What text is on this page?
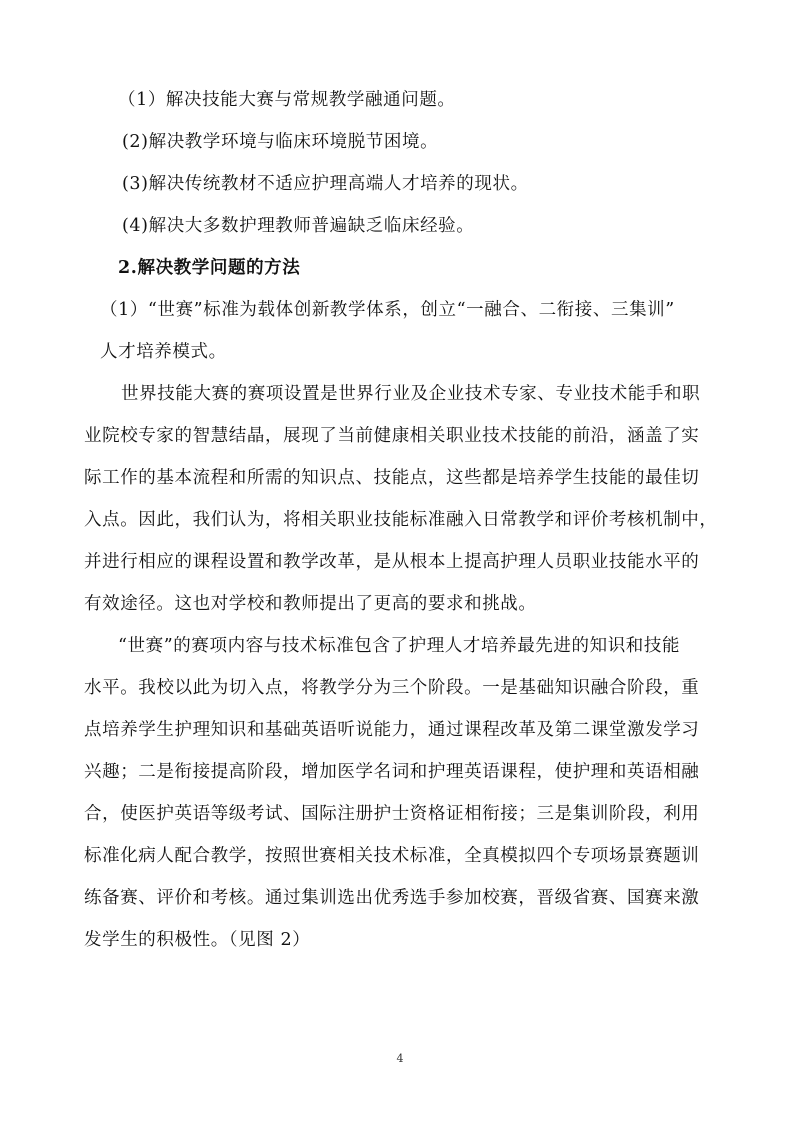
（1）解决技能大赛与常规教学融通问题。
(2)解决教学环境与临床环境脱节困境。
(3)解决传统教材不适应护理高端人才培养的现状。
(4)解决大多数护理教师普遍缺乏临床经验。
2.解决教学问题的方法
（1）“世赛”标准为载体创新教学体系，创立“一融合、二衔接、三集训”
人才培养模式。
世界技能大赛的赛项设置是世界行业及企业技术专家、专业技术能手和职
业院校专家的智慧结晶，展现了当前健康相关职业技术技能的前沿，涵盖了实
际工作的基本流程和所需的知识点、技能点，这些都是培养学生技能的最佳切
入点。因此，我们认为，将相关职业技能标准融入日常教学和评价考核机制中，
并进行相应的课程设置和教学改革，是从根本上提高护理人员职业技能水平的
有效途径。这也对学校和教师提出了更高的要求和挑战。
“世赛”的赛项内容与技术标准包含了护理人才培养最先进的知识和技能
水平。我校以此为切入点，将教学分为三个阶段。一是基础知识融合阶段，重
点培养学生护理知识和基础英语听说能力，通过课程改革及第二课堂激发学习
兴趣；二是衔接提高阶段，增加医学名词和护理英语课程，使护理和英语相融
合，使医护英语等级考试、国际注册护士资格证相衔接；三是集训阶段，利用
标准化病人配合教学，按照世赛相关技术标准，全真模拟四个专项场景赛题训
练备赛、评价和考核。通过集训选出优秀选手参加校赛，晋级省赛、国赛来激
发学生的积极性。（见图 2）
4
